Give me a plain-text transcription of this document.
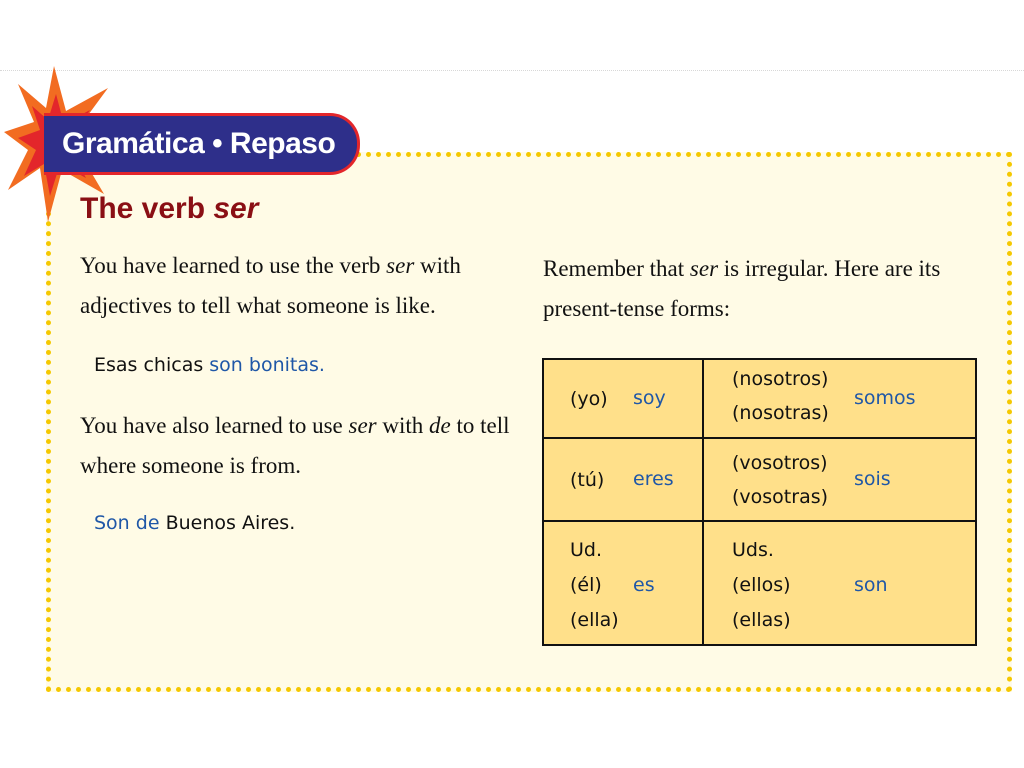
Gramática • Repaso
The verb ser
You have learned to use the verb ser with adjectives to tell what someone is like.
Esas chicas son bonitas.
You have also learned to use ser with de to tell where someone is from.
Son de Buenos Aires.
Remember that ser is irregular. Here are its present-tense forms:
(yo) soy
(nosotros)
(nosotras)
somos
(tú) eres
(vosotros)
(vosotras)
sois
Ud.
(él)
(ella)
es
Uds.
(ellos)
(ellas)
son
